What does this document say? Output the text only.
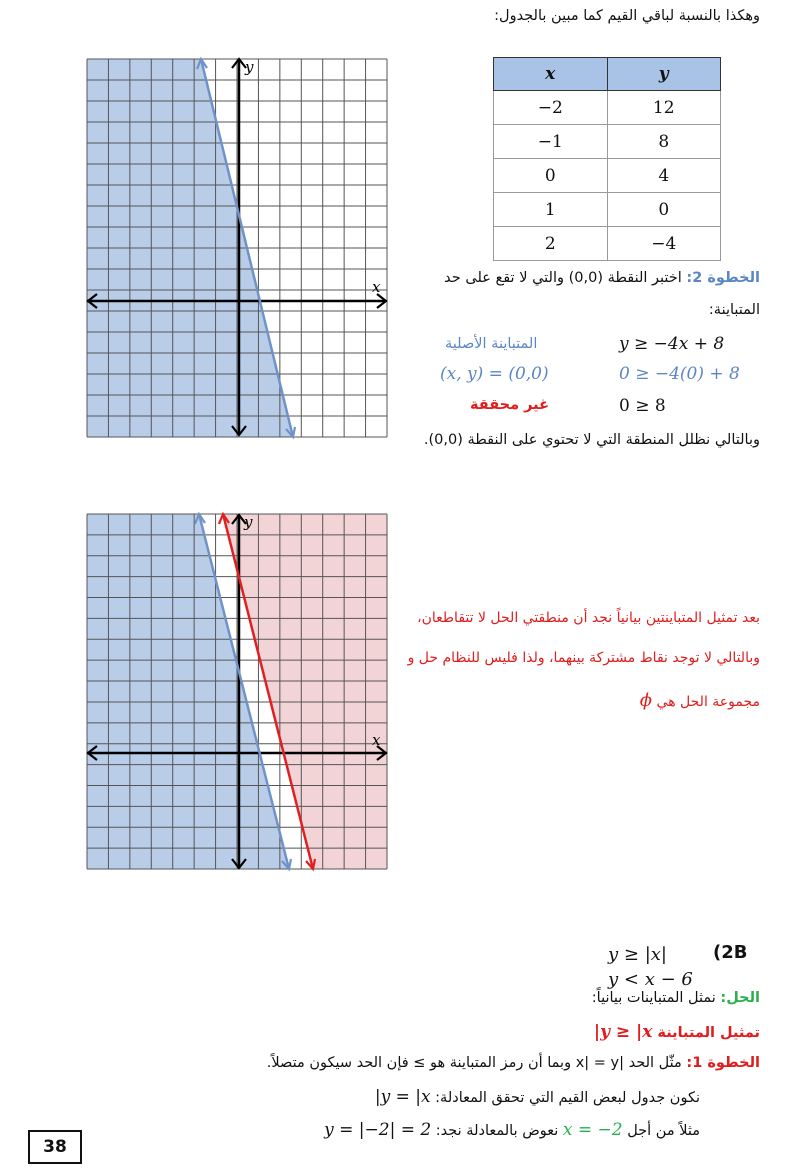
وهكذا بالنسبة لباقي القيم كما مبين بالجدول:
x	y
−2	12
−1	8
0	4
1	0
2	−4
الخطوة 2: اختبر النقطة (0,0) والتي لا تقع على حد
المتباينة:
y ≥ −4x + 8
المتباينة الأصلية
0 ≥ −4(0) + 8
(x, y) = (0,0)
0 ≥ 8
غير محققة
وبالتالي نظلل المنطقة التي لا تحتوي على النقطة (0,0).
y
x
y
x
بعد تمثيل المتباينتين بيانياً نجد أن منطقتي الحل لا تتقاطعان،
وبالتالي لا توجد نقاط مشتركة بينهما، ولذا فليس للنظام حل و
مجموعة الحل هي ϕ
(2B
y ≥ |x|
y < x − 6
الحل: نمثل المتباينات بيانياً:
تمثيل المتباينة y ≥ |x|
الخطوة 1: مثّل الحد |x| = y وبما أن رمز المتباينة هو ≥ فإن الحد سيكون متصلاً.
نكون جدول لبعض القيم التي تحقق المعادلة: y = |x|
مثلاً من أجل x = −2 نعوض بالمعادلة نجد: y = |−2| = 2
38
